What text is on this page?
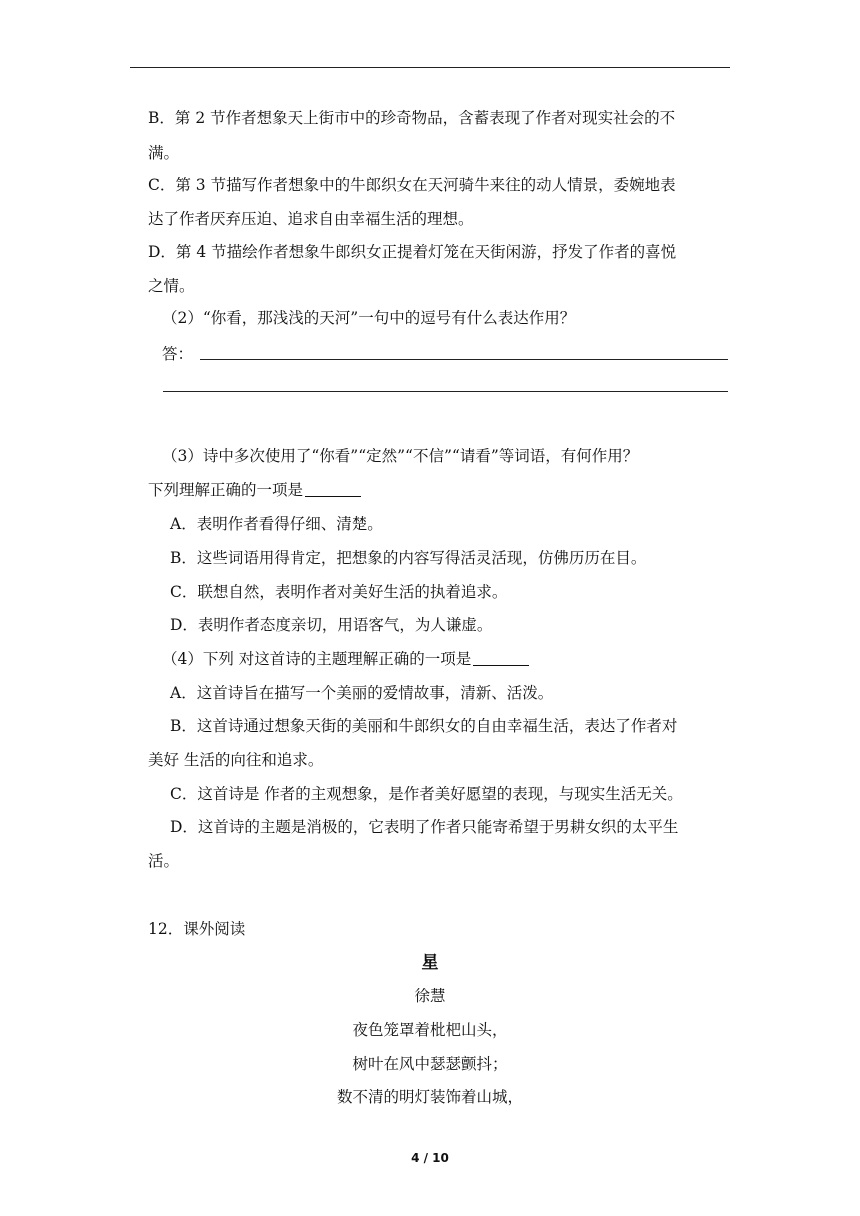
B．第 2 节作者想象天上街市中的珍奇物品，含蓄表现了作者对现实社会的不
满。
C．第 3 节描写作者想象中的牛郎织女在天河骑牛来往的动人情景，委婉地表
达了作者厌弃压迫、追求自由幸福生活的理想。
D．第 4 节描绘作者想象牛郎织女正提着灯笼在天街闲游，抒发了作者的喜悦
之情。
（2）“你看，那浅浅的天河”一句中的逗号有什么表达作用？
答：
（3）诗中多次使用了“你看”“定然”“不信”“请看”等词语，有何作用？
下列理解正确的一项是
A．表明作者看得仔细、清楚。
B．这些词语用得肯定，把想象的内容写得活灵活现，仿佛历历在目。
C．联想自然，表明作者对美好生活的执着追求。
D．表明作者态度亲切，用语客气，为人谦虚。
（4）下列 对这首诗的主题理解正确的一项是
A．这首诗旨在描写一个美丽的爱情故事，清新、活泼。
B．这首诗通过想象天街的美丽和牛郎织女的自由幸福生活，表达了作者对
美好 生活的向往和追求。
C．这首诗是 作者的主观想象，是作者美好愿望的表现，与现实生活无关。
D．这首诗的主题是消极的，它表明了作者只能寄希望于男耕女织的太平生
活。
12．课外阅读
星
徐慧
夜色笼罩着枇杷山头，
树叶在风中瑟瑟颤抖；
数不清的明灯装饰着山城，
4 / 10
